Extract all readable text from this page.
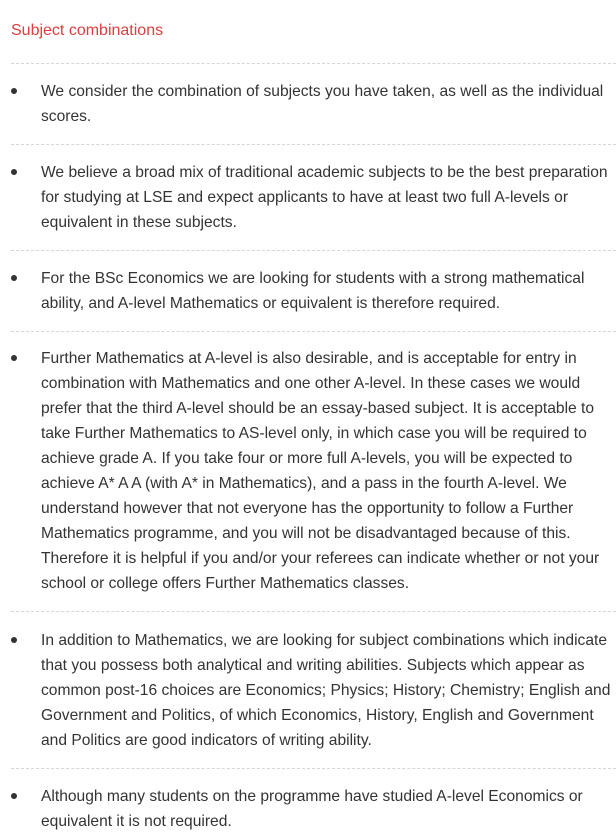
Subject combinations

We consider the combination of subjects you have taken, as well as the individual scores.

We believe a broad mix of traditional academic subjects to be the best preparation for studying at LSE and expect applicants to have at least two full A-levels or equivalent in these subjects.

For the BSc Economics we are looking for students with a strong mathematical ability, and A-level Mathematics or equivalent is therefore required.

Further Mathematics at A-level is also desirable, and is acceptable for entry in combination with Mathematics and one other A-level. In these cases we would prefer that the third A-level should be an essay-based subject. It is acceptable to take Further Mathematics to AS-level only, in which case you will be required to achieve grade A. If you take four or more full A-levels, you will be expected to achieve A* A A (with A* in Mathematics), and a pass in the fourth A-level. We understand however that not everyone has the opportunity to follow a Further Mathematics programme, and you will not be disadvantaged because of this. Therefore it is helpful if you and/or your referees can indicate whether or not your school or college offers Further Mathematics classes.

In addition to Mathematics, we are looking for subject combinations which indicate that you possess both analytical and writing abilities. Subjects which appear as common post-16 choices are Economics; Physics; History; Chemistry; English and Government and Politics, of which Economics, History, English and Government and Politics are good indicators of writing ability.

Although many students on the programme have studied A-level Economics or equivalent it is not required.
